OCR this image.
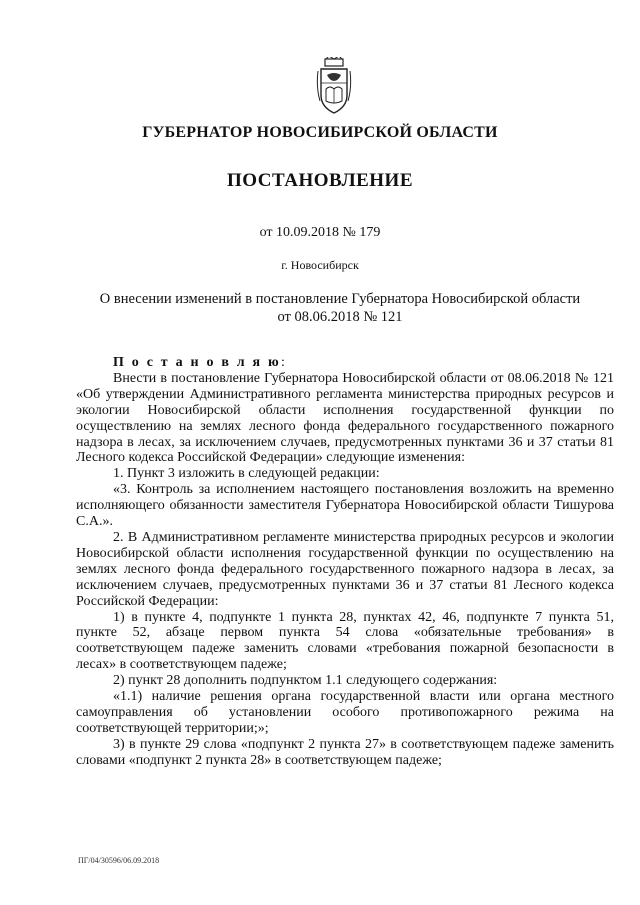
ГУБЕРНАТОР НОВОСИБИРСКОЙ ОБЛАСТИ
ПОСТАНОВЛЕНИЕ
от 10.09.2018 № 179
г. Новосибирск
О внесении изменений в постановление Губернатора Новосибирской области
от 08.06.2018 № 121

П о с т а н о в л я ю:

Внести в постановление Губернатора Новосибирской области от 08.06.2018 № 121 «Об утверждении Административного регламента министерства природных ресурсов и экологии Новосибирской области исполнения государственной функции по осуществлению на землях лесного фонда федерального государственного пожарного надзора в лесах, за исключением случаев, предусмотренных пунктами 36 и 37 статьи 81 Лесного кодекса Российской Федерации» следующие изменения:

1. Пункт 3 изложить в следующей редакции:

«3. Контроль за исполнением настоящего постановления возложить на временно исполняющего обязанности заместителя Губернатора Новосибирской области Тишурова С.А.».

2. В Административном регламенте министерства природных ресурсов и экологии Новосибирской области исполнения государственной функции по осуществлению на землях лесного фонда федерального государственного пожарного надзора в лесах, за исключением случаев, предусмотренных пунктами 36 и 37 статьи 81 Лесного кодекса Российской Федерации:

1) в пункте 4, подпункте 1 пункта 28, пунктах 42, 46, подпункте 7 пункта 51, пункте 52, абзаце первом пункта 54 слова «обязательные требования» в соответствующем падеже заменить словами «требования пожарной безопасности в лесах» в соответствующем падеже;

2) пункт 28 дополнить подпунктом 1.1 следующего содержания:

«1.1) наличие решения органа государственной власти или органа местного самоуправления об установлении особого противопожарного режима на соответствующей территории;»;

3) в пункте 29 слова «подпункт 2 пункта 27» в соответствующем падеже заменить словами «подпункт 2 пункта 28» в соответствующем падеже;

ПГ/04/30596/06.09.2018
